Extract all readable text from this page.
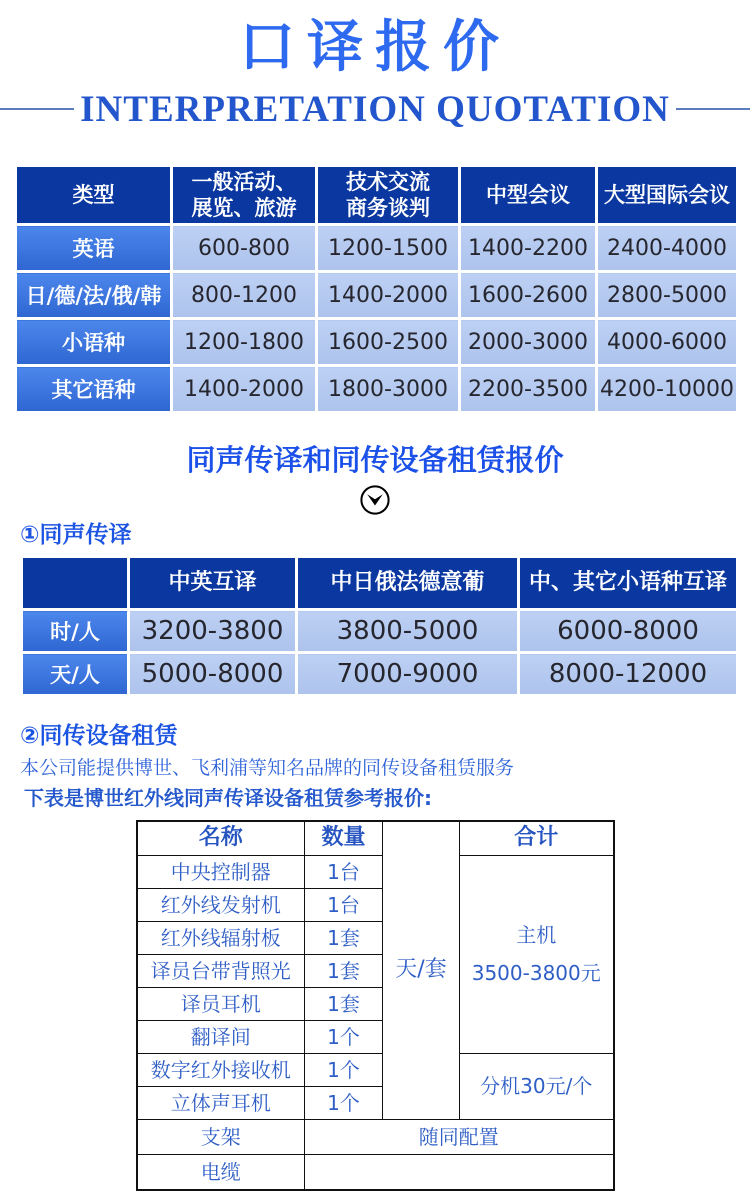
口译报价
INTERPRETATION QUOTATION
类型	一般活动、
展览、旅游	技术交流
商务谈判	中型会议	大型国际会议
英语	600-800	1200-1500	1400-2200	2400-4000
日/德/法/俄/韩	800-1200	1400-2000	1600-2600	2800-5000
小语种	1200-1800	1600-2500	2000-3000	4000-6000
其它语种	1400-2000	1800-3000	2200-3500	4200-10000
同声传译和同传设备租赁报价
①同声传译
	中英互译	中日俄法德意葡	中、其它小语种互译
时/人	3200-3800	3800-5000	6000-8000
天/人	5000-8000	7000-9000	8000-12000
②同传设备租赁
本公司能提供博世、飞利浦等知名品牌的同传设备租赁服务
下表是博世红外线同声传译设备租赁参考报价:
名称	数量	天/套	合计
中央控制器	1台		主机
3500-3800元

红外线发射机	1台		
红外线辐射板	1套		
译员台带背照光	1套		
译员耳机	1套		
翻译间	1个		
数字红外接收机	1个		分机30元/个
立体声耳机	1个		
支架	随同配置		
电缆			
